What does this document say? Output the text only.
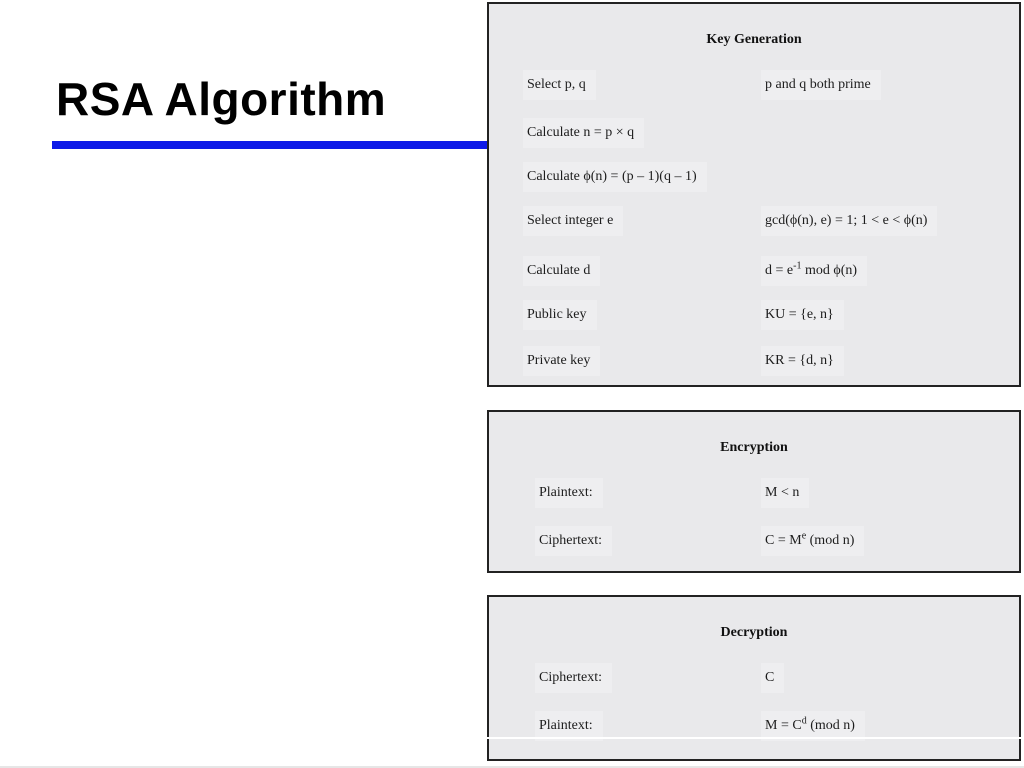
RSA Algorithm
Key Generation
Select p, q	p and q both prime
Calculate n = p × q
Calculate ϕ(n) = (p – 1)(q – 1)
Select integer e	gcd(ϕ(n), e) = 1; 1 < e < ϕ(n)
Calculate d	$d = e^{-1}$ mod ϕ(n)
Public key	KU = {e, n}
Private key	KR = {d, n}
Encryption
Plaintext:	M < n
Ciphertext:	$C = M^e$ (mod n)
Decryption
Ciphertext:	C
Plaintext:	$M = C^d$ (mod n)
